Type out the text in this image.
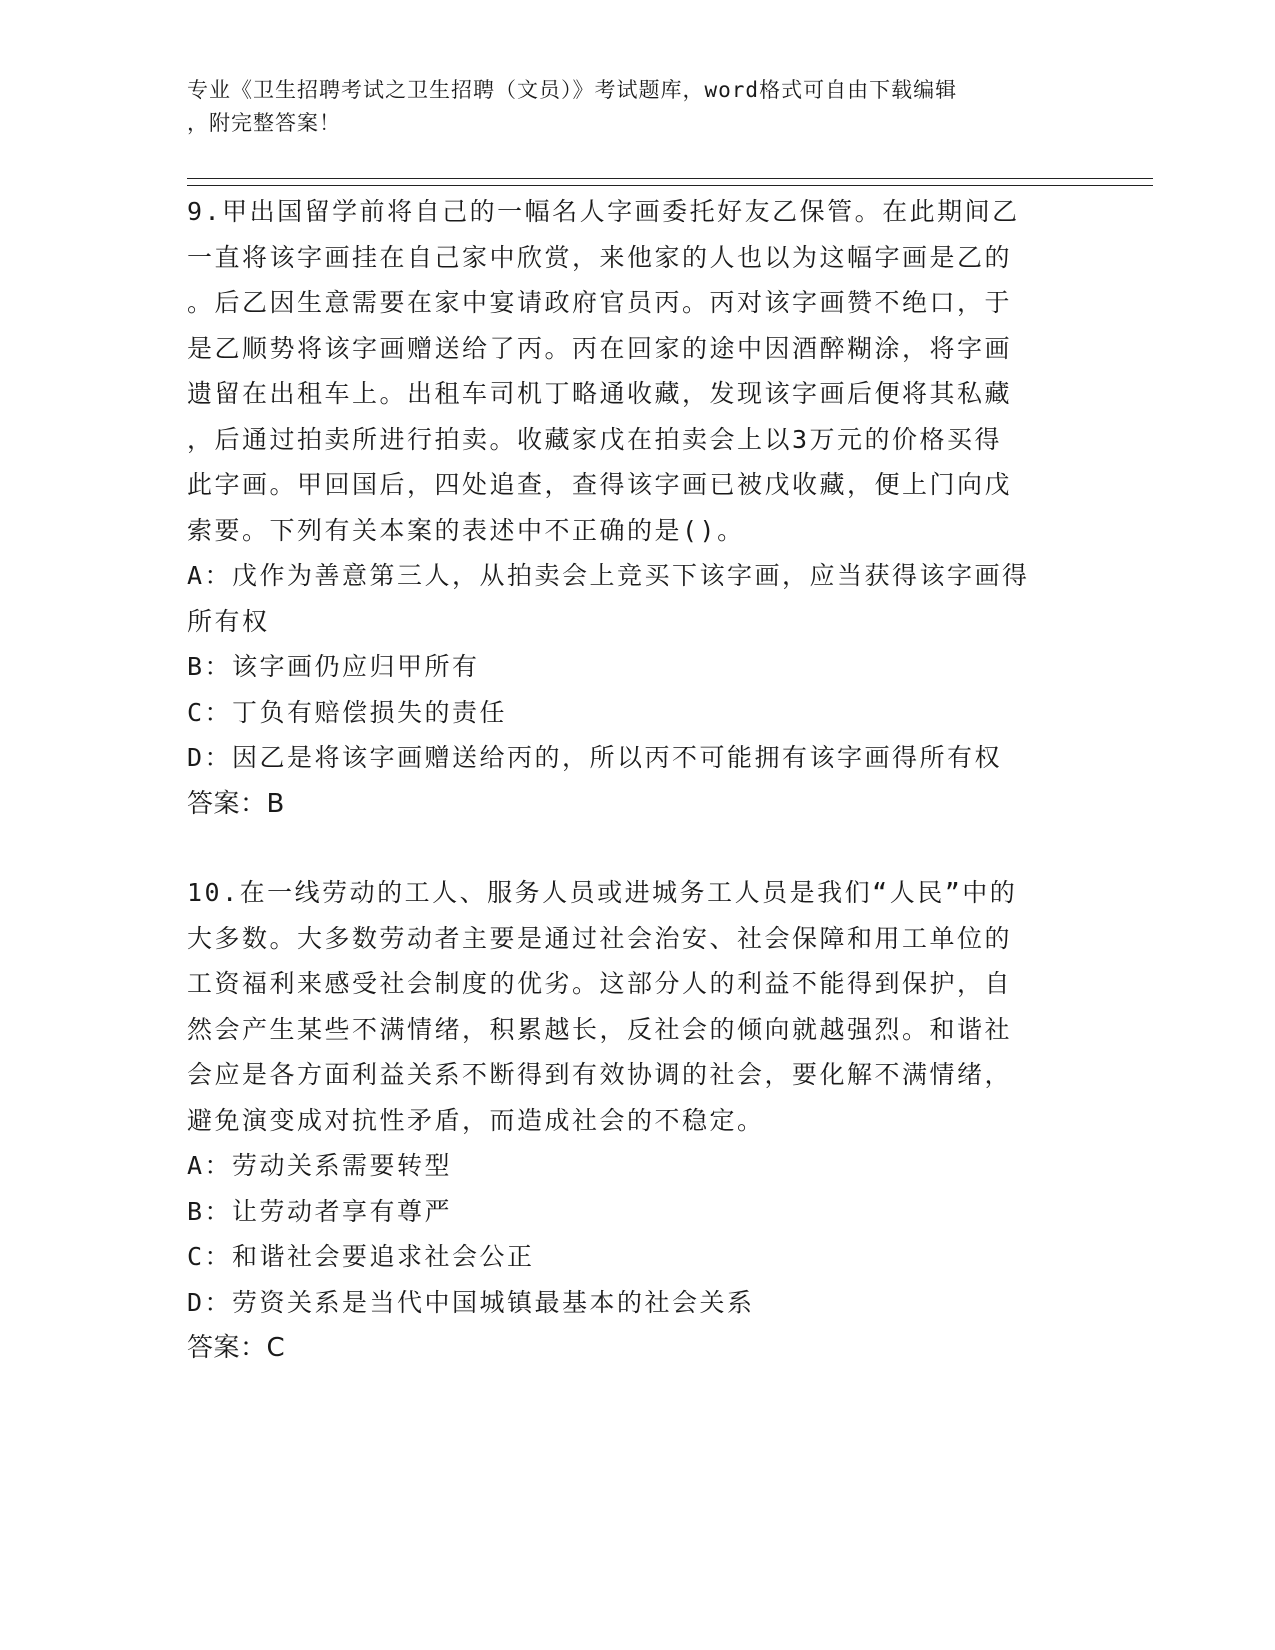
专业《卫生招聘考试之卫生招聘（文员）》考试题库，word格式可自由下载编辑
，附完整答案！
9.甲出国留学前将自己的一幅名人字画委托好友乙保管。在此期间乙
一直将该字画挂在自己家中欣赏，来他家的人也以为这幅字画是乙的
。后乙因生意需要在家中宴请政府官员丙。丙对该字画赞不绝口，于
是乙顺势将该字画赠送给了丙。丙在回家的途中因酒醉糊涂，将字画
遗留在出租车上。出租车司机丁略通收藏，发现该字画后便将其私藏
，后通过拍卖所进行拍卖。收藏家戊在拍卖会上以3万元的价格买得
此字画。甲回国后，四处追查，查得该字画已被戊收藏，便上门向戊
索要。下列有关本案的表述中不正确的是()。
A：戊作为善意第三人，从拍卖会上竞买下该字画，应当获得该字画得
所有权
B：该字画仍应归甲所有
C：丁负有赔偿损失的责任
D：因乙是将该字画赠送给丙的，所以丙不可能拥有该字画得所有权
答案：B
10.在一线劳动的工人、服务人员或进城务工人员是我们“人民”中的
大多数。大多数劳动者主要是通过社会治安、社会保障和用工单位的
工资福利来感受社会制度的优劣。这部分人的利益不能得到保护，自
然会产生某些不满情绪，积累越长，反社会的倾向就越强烈。和谐社
会应是各方面利益关系不断得到有效协调的社会，要化解不满情绪，
避免演变成对抗性矛盾，而造成社会的不稳定。
A：劳动关系需要转型
B：让劳动者享有尊严
C：和谐社会要追求社会公正
D：劳资关系是当代中国城镇最基本的社会关系
答案：C
